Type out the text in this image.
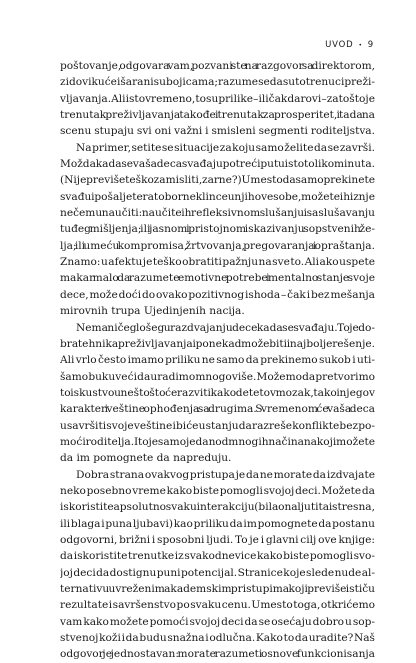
UVOD • 9
poštovanje, odgovara vam, pozvani ste na razgovor sa direktorom,
zidovi kuće išarani su bojicama; razume se da su to trenuci preži-
vljavanja. Ali istovremeno, to su prilike – ili čak darovi – zato što je
trenutak preživljavanja takođe i trenutak za prosperitet, i tada na
scenu stupaju svi oni važni i smisleni segmenti roditeljstva.
Na primer, setite se situacije za koju samo želite da se završi.
Možda kada se vaša deca svađaju po treći put u isto toliko minuta.
(Nije previše teško zamisliti, zar ne?) Umesto da samo prekinete
svađu i pošaljete ratoborne klince u njihove sobe, možete ih iz nje
nečemu naučiti: naučite ih refleksivnom slušanju i saslušavanju
tuđeg mišljenja; ili jasnom i pristojnom iskazivanju sopstvenih že-
lja; ili umeću kompromisa, žrtvovanja, pregovaranja i opraštanja.
Znamo: u afektu je teško obratiti pažnju na sve to. Ali ako uspete
makar malo da razumete emotivne potrebe i mentalno stanje svoje
dece, može doći do ovako pozitivnog ishoda – čak i bez mešanja
mirovnih trupa Ujedinjenih nacija.
Nema ničeg lošeg u razdvajanju dece kada se svađaju. To je do-
bra tehnika preživljavanja i ponekad može biti i najbolje rešenje.
Ali vrlo često imamo priliku ne samo da prekinemo sukob i uti-
šamo buku već i da uradimo mnogo više. Možemo da pretvorimo
to iskustvo u nešto što će razviti kako detetov mozak, tako i njegov
karakter i veštine ophođenja sa drugima. S vremenom će vaša deca
usavršiti svoje veštine i biće u stanju da razreše konflikte bez po-
moći roditelja. I to je samo jedan od mnogih načina na koji možete
da im pomognete da napreduju.
Dobra strana ovakvog pristupa je da ne morate da izdvajate
neko posebno vreme kako biste pomogli svojoj deci. Možete da
iskoristite apsolutno svaku interakciju (bila ona ljutita i stresna,
ili blaga i puna ljubavi) kao priliku da im pomognete da postanu
odgovorni, brižni i sposobni ljudi. To je i glavni cilj ove knjige:
da iskoristite trenutke iz svakodnevice kako biste pomogli svo-
joj deci da dostignu puni potencijal. Stranice koje slede nude al-
ternativu uvreženim akademskim pristupima koji previše ističu
rezultate i savršenstvo po svaku cenu. Umesto toga, otkrićemo
vam kako možete pomoći svojoj deci da se osećaju dobro u sop-
stvenoj koži i da budu snažna i odlučna. Kako to da uradite? Naš
odgovor je jednostavan: morate razumeti osnove funkcionisanja
